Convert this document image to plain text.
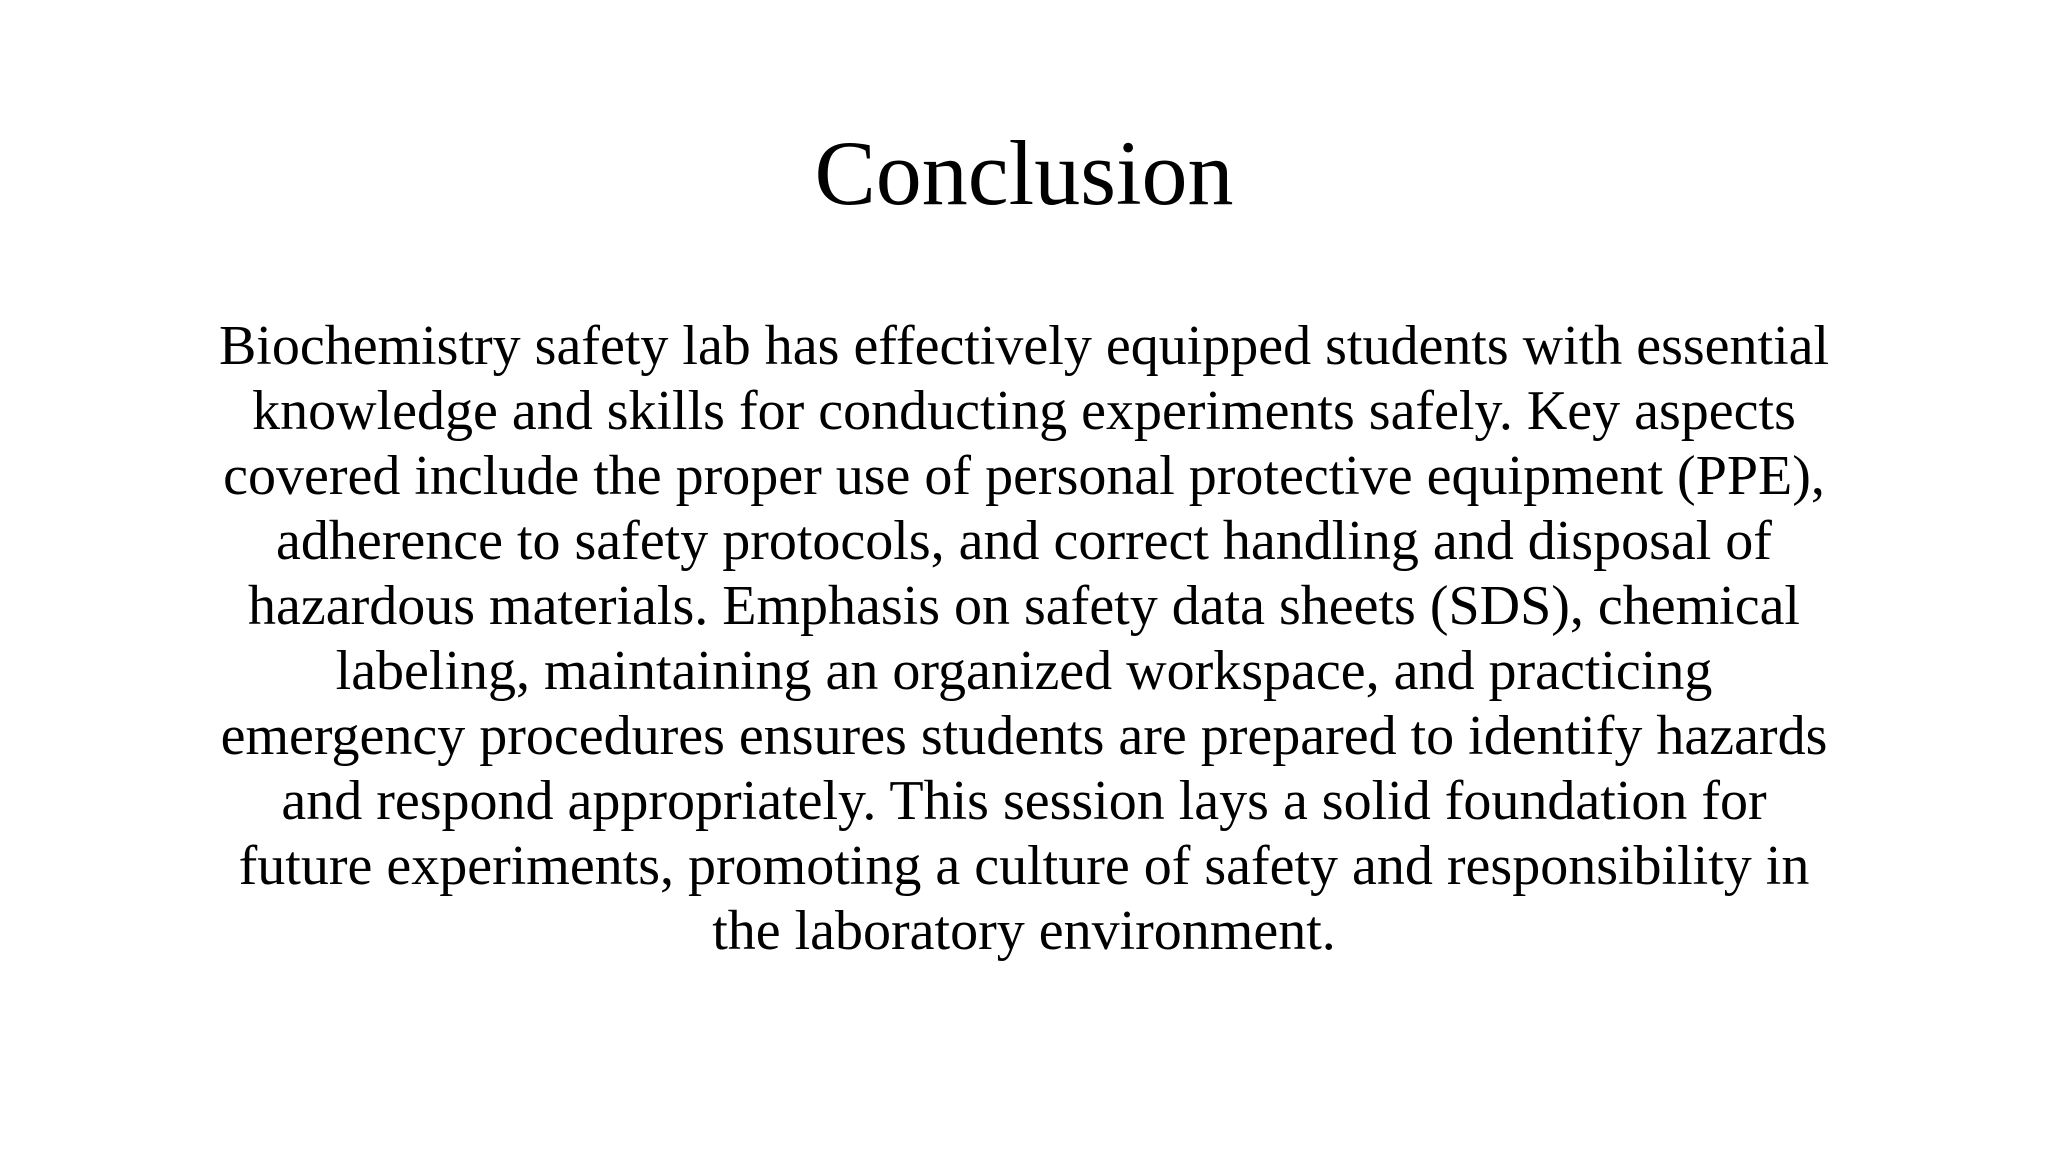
Conclusion

Biochemistry safety lab has effectively equipped students with essential
knowledge and skills for conducting experiments safely. Key aspects
covered include the proper use of personal protective equipment (PPE),
adherence to safety protocols, and correct handling and disposal of
hazardous materials. Emphasis on safety data sheets (SDS), chemical
labeling, maintaining an organized workspace, and practicing
emergency procedures ensures students are prepared to identify hazards
and respond appropriately. This session lays a solid foundation for
future experiments, promoting a culture of safety and responsibility in
the laboratory environment.
